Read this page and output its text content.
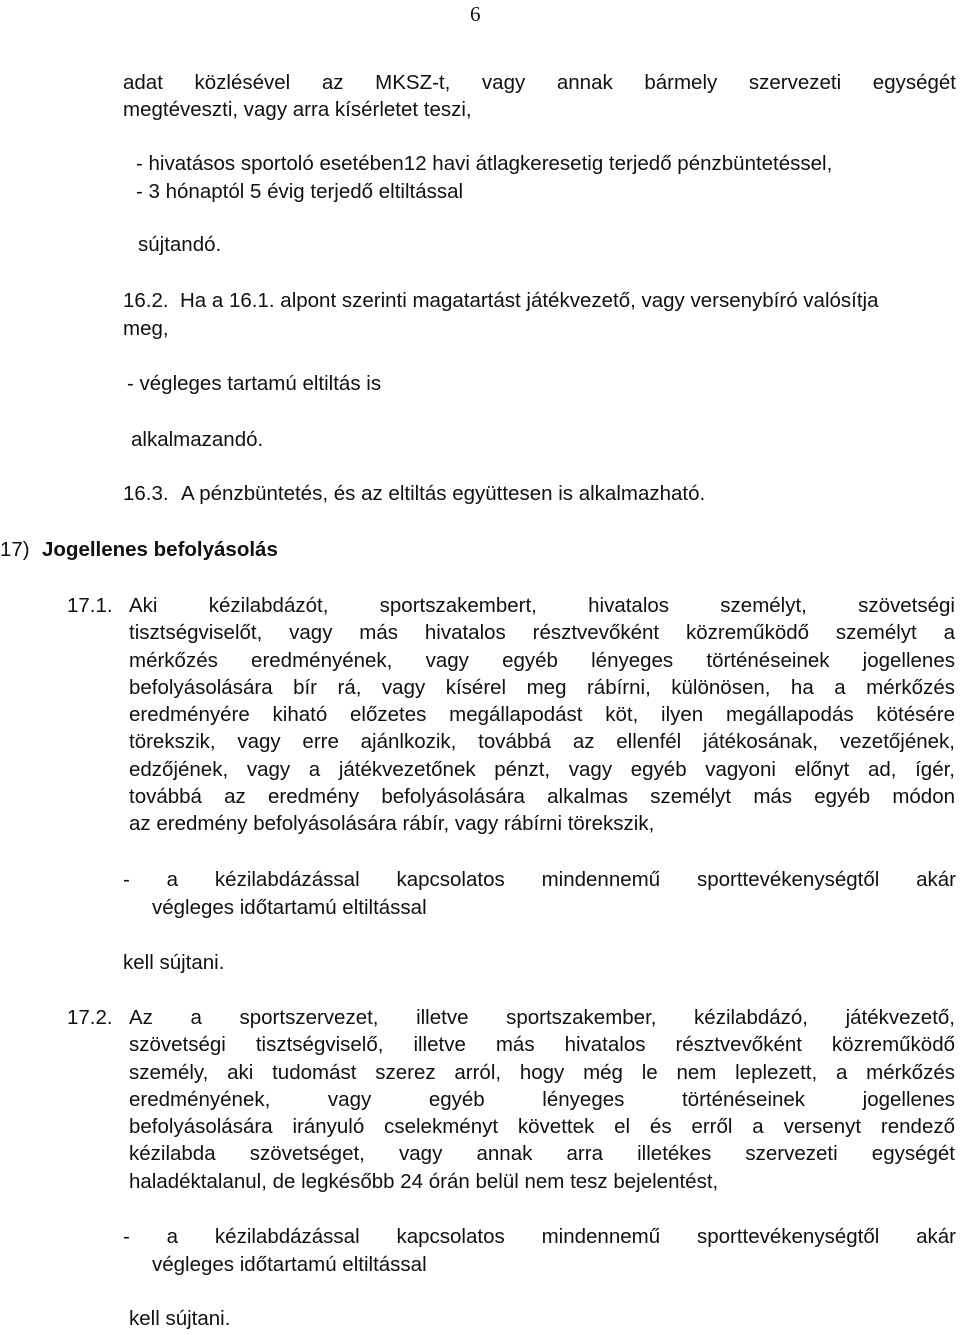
6
adat közlésével az MKSZ-t, vagy annak bármely szervezeti egységét
megtéveszti, vagy arra kísérletet teszi,
- hivatásos sportoló esetében12 havi átlagkeresetig terjedő pénzbüntetéssel,
- 3 hónaptól 5 évig terjedő eltiltással
sújtandó.
16.2. Ha a 16.1. alpont szerinti magatartást játékvezető, vagy versenybíró valósítja
meg,
- végleges tartamú eltiltás is
alkalmazandó.
16.3. A pénzbüntetés, és az eltiltás együttesen is alkalmazható.
17) Jogellenes befolyásolás
17.1. Aki kézilabdázót, sportszakembert, hivatalos személyt, szövetségi

tisztségviselőt, vagy más hivatalos résztvevőként közreműködő személyt a

mérkőzés eredményének, vagy egyéb lényeges történéseinek jogellenes

befolyásolására bír rá, vagy kísérel meg rábírni, különösen, ha a mérkőzés

eredményére kiható előzetes megállapodást köt, ilyen megállapodás kötésére

törekszik, vagy erre ajánlkozik, továbbá az ellenfél játékosának, vezetőjének,

edzőjének, vagy a játékvezetőnek pénzt, vagy egyéb vagyoni előnyt ad, ígér,

továbbá az eredmény befolyásolására alkalmas személyt más egyéb módon

az eredmény befolyásolására rábír, vagy rábírni törekszik,

- a kézilabdázással kapcsolatos mindennemű sporttevékenységtől akár
végleges időtartamú eltiltással
kell sújtani.
17.2. Az a sportszervezet, illetve sportszakember, kézilabdázó, játékvezető,

szövetségi tisztségviselő, illetve más hivatalos résztvevőként közreműködő

személy, aki tudomást szerez arról, hogy még le nem leplezett, a mérkőzés

eredményének, vagy egyéb lényeges történéseinek jogellenes

befolyásolására irányuló cselekményt követtek el és erről a versenyt rendező

kézilabda szövetséget, vagy annak arra illetékes szervezeti egységét

haladéktalanul, de legkésőbb 24 órán belül nem tesz bejelentést,

- a kézilabdázással kapcsolatos mindennemű sporttevékenységtől akár
végleges időtartamú eltiltással
kell sújtani.
